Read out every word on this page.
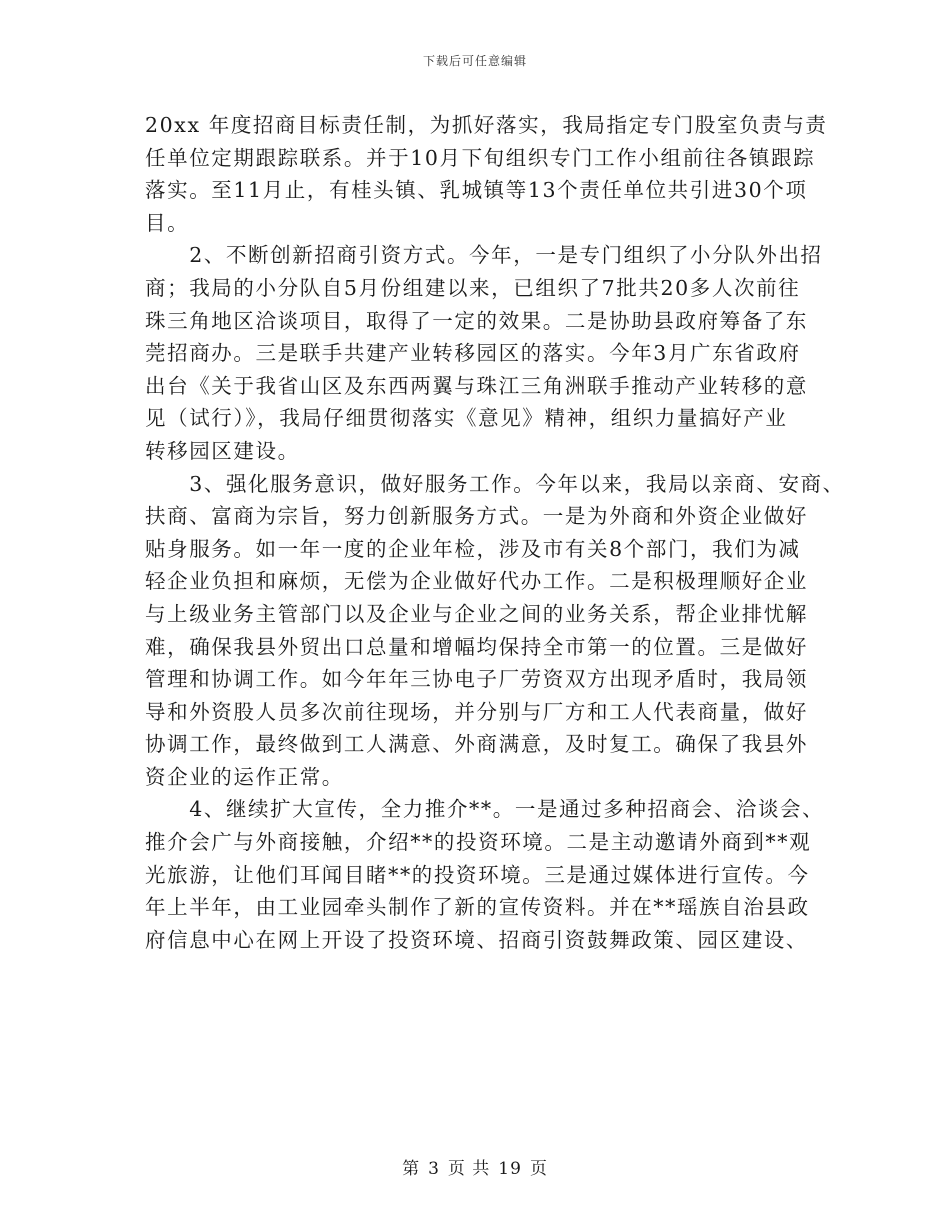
下载后可任意编辑
20xx 年度招商目标责任制，为抓好落实，我局指定专门股室负责与责
任单位定期跟踪联系。并于10月下旬组织专门工作小组前往各镇跟踪
落实。至11月止，有桂头镇、乳城镇等13个责任单位共引进30个项
目。
　　2、不断创新招商引资方式。今年，一是专门组织了小分队外出招
商；我局的小分队自5月份组建以来，已组织了7批共20多人次前往
珠三角地区洽谈项目，取得了一定的效果。二是协助县政府筹备了东
莞招商办。三是联手共建产业转移园区的落实。今年3月广东省政府
出台《关于我省山区及东西两翼与珠江三角洲联手推动产业转移的意
见（试行）》，我局仔细贯彻落实《意见》精神，组织力量搞好产业
转移园区建设。
　　3、强化服务意识，做好服务工作。今年以来，我局以亲商、安商、
扶商、富商为宗旨，努力创新服务方式。一是为外商和外资企业做好
贴身服务。如一年一度的企业年检，涉及市有关8个部门，我们为减
轻企业负担和麻烦，无偿为企业做好代办工作。二是积极理顺好企业
与上级业务主管部门以及企业与企业之间的业务关系，帮企业排忧解
难，确保我县外贸出口总量和增幅均保持全市第一的位置。三是做好
管理和协调工作。如今年年三协电子厂劳资双方出现矛盾时，我局领
导和外资股人员多次前往现场，并分别与厂方和工人代表商量，做好
协调工作，最终做到工人满意、外商满意，及时复工。确保了我县外
资企业的运作正常。
　　4、继续扩大宣传，全力推介**。一是通过多种招商会、洽谈会、
推介会广与外商接触，介绍**的投资环境。二是主动邀请外商到**观
光旅游，让他们耳闻目睹**的投资环境。三是通过媒体进行宣传。今
年上半年，由工业园牵头制作了新的宣传资料。并在**瑶族自治县政
府信息中心在网上开设了投资环境、招商引资鼓舞政策、园区建设、
第 3 页 共 19 页
